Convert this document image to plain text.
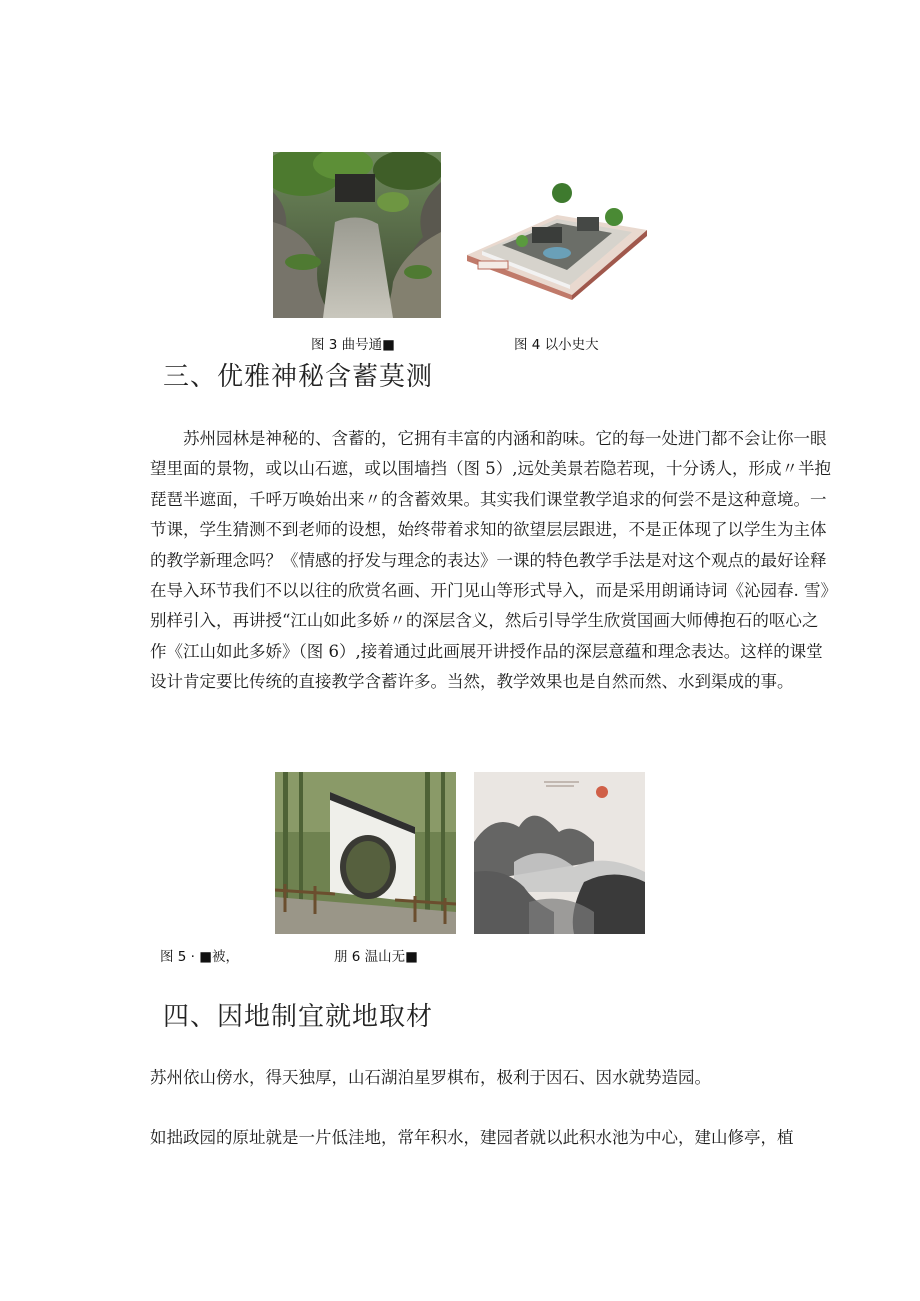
图 3 曲号通■	图 4 以小史大
三、优雅神秘含蓄莫测
　　苏州园林是神秘的、含蓄的，它拥有丰富的内涵和韵味。它的每一处进门都不会让你一眼
望里面的景物，或以山石遮，或以围墙挡（图 5）,远处美景若隐若现，十分诱人，形成〃半抱
琵琶半遮面，千呼万唤始出来〃的含蓄效果。其实我们课堂教学追求的何尝不是这种意境。一
节课，学生猜测不到老师的设想，始终带着求知的欲望层层跟进，不是正体现了以学生为主体
的教学新理念吗？《情感的抒发与理念的表达》一课的特色教学手法是对这个观点的最好诠释
在导入环节我们不以以往的欣赏名画、开门见山等形式导入，而是采用朗诵诗词《沁园春. 雪》
别样引入，再讲授“江山如此多娇〃的深层含义，然后引导学生欣赏国画大师傅抱石的呕心之
作《江山如此多娇》（图 6）,接着通过此画展开讲授作品的深层意蕴和理念表达。这样的课堂
设计肯定要比传统的直接教学含蓄许多。当然，教学效果也是自然而然、水到渠成的事。
图 5 · ■被，	朋 6 温山无■
四、因地制宜就地取材
苏州依山傍水，得天独厚，山石湖泊星罗棋布，极利于因石、因水就势造园。
如拙政园的原址就是一片低洼地，常年积水，建园者就以此积水池为中心，建山修亭，植
